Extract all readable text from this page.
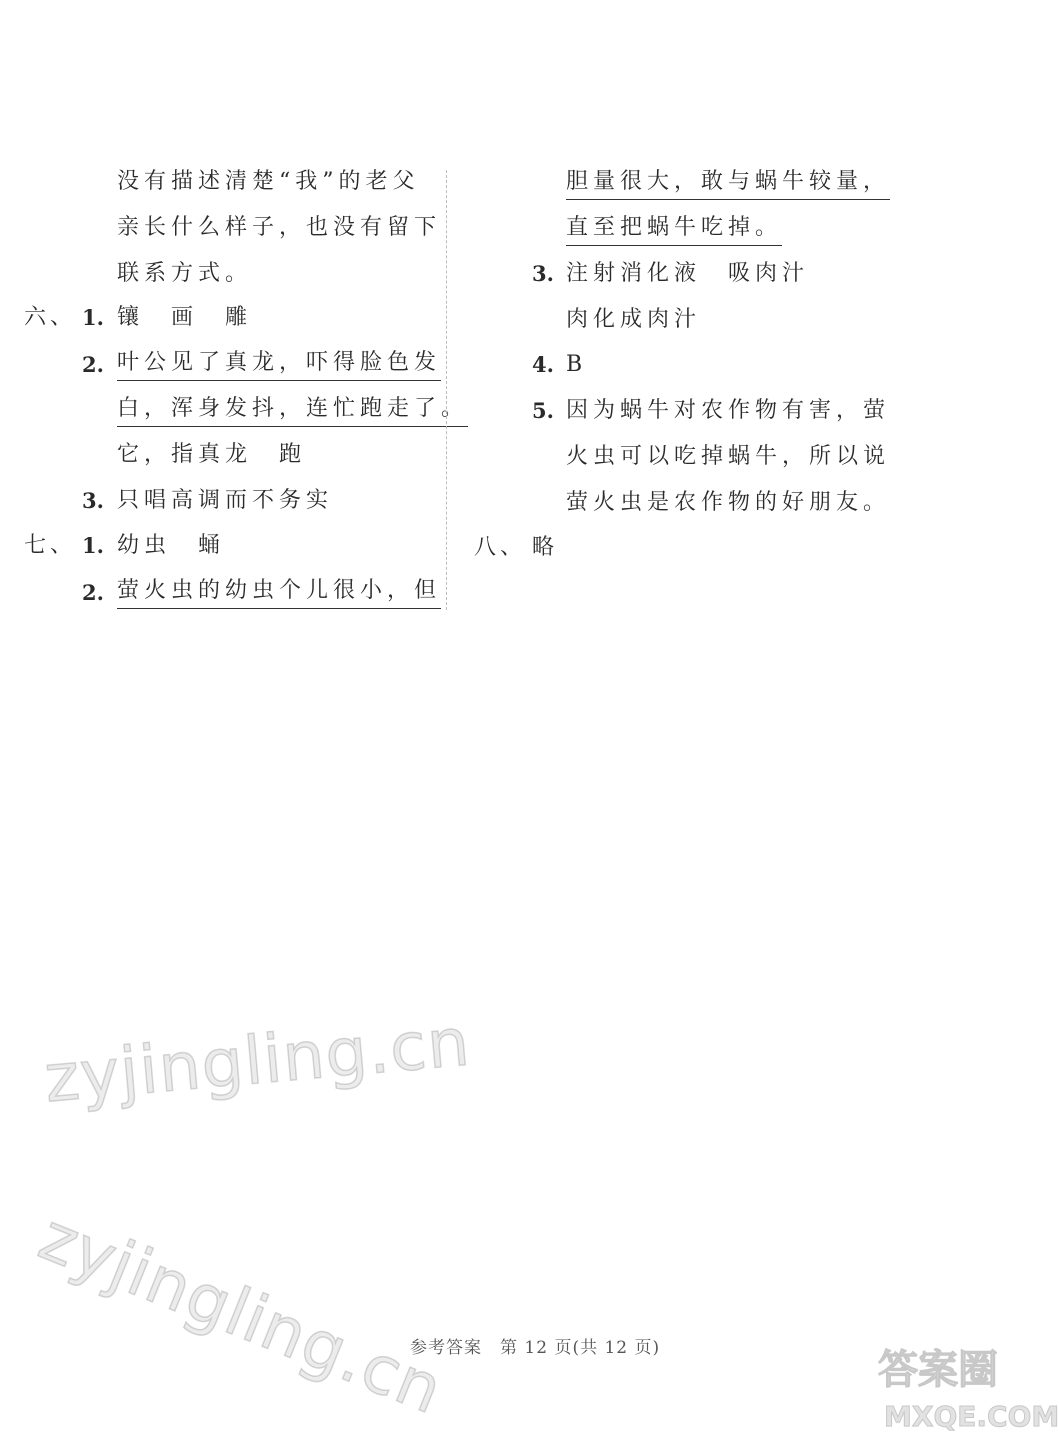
没有描述清楚“我”的老父
亲长什么样子，也没有留下
联系方式。
六、 1. 镶　画　雕
2. 叶公见了真龙，吓得脸色发
白，浑身发抖，连忙跑走了。
它，指真龙　跑
3. 只唱高调而不务实
七、 1. 幼虫　蛹
2. 萤火虫的幼虫个儿很小，但
胆量很大，敢与蜗牛较量，
直至把蜗牛吃掉。
3. 注射消化液　吸肉汁
肉化成肉汁
4. B
5. 因为蜗牛对农作物有害，萤
火虫可以吃掉蜗牛，所以说
萤火虫是农作物的好朋友。
八、 略
zyjingling.cn
zyjingling.cn
参考答案　第 12 页(共 12 页)	答案圈
MXQE.COM
